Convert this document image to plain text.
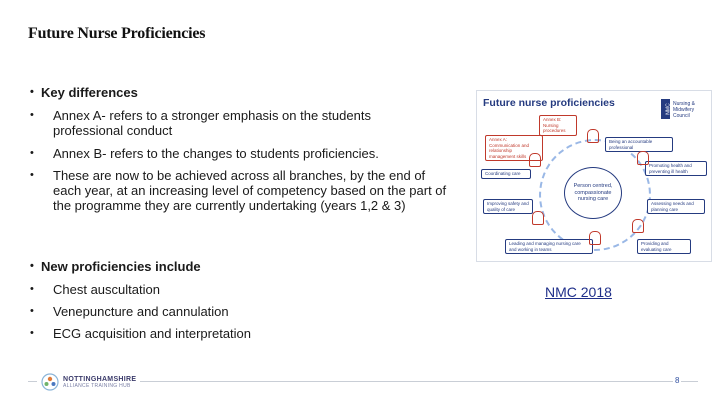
Future Nurse Proficiencies
• Key differences
• Annex A- refers to a stronger emphasis on the students professional conduct
• Annex B- refers to the changes to students proficiencies.
• These are now to be achieved across all branches, by the end of each year, at an increasing level of competency based on the part of the programme they are currently undertaking (years 1,2 & 3)
• New proficiencies include
• Chest auscultation
• Venepuncture and cannulation
• ECG acquisition and interpretation
Future nurse proficiencies	NMC Nursing &
Midwifery
Council
Person centred, compassionate nursing care
Annex B: Nursing procedures
Annex A: Communication and relationship management skills
Being an accountable professional
Promoting health and preventing ill health
Coordinating care
Assessing needs and planning care
Improving safety and quality of care
Providing and evaluating care
Leading and managing nursing care and working in teams
NMC 2018
NOTTINGHAMSHIRE
ALLIANCE TRAINING HUB
8
